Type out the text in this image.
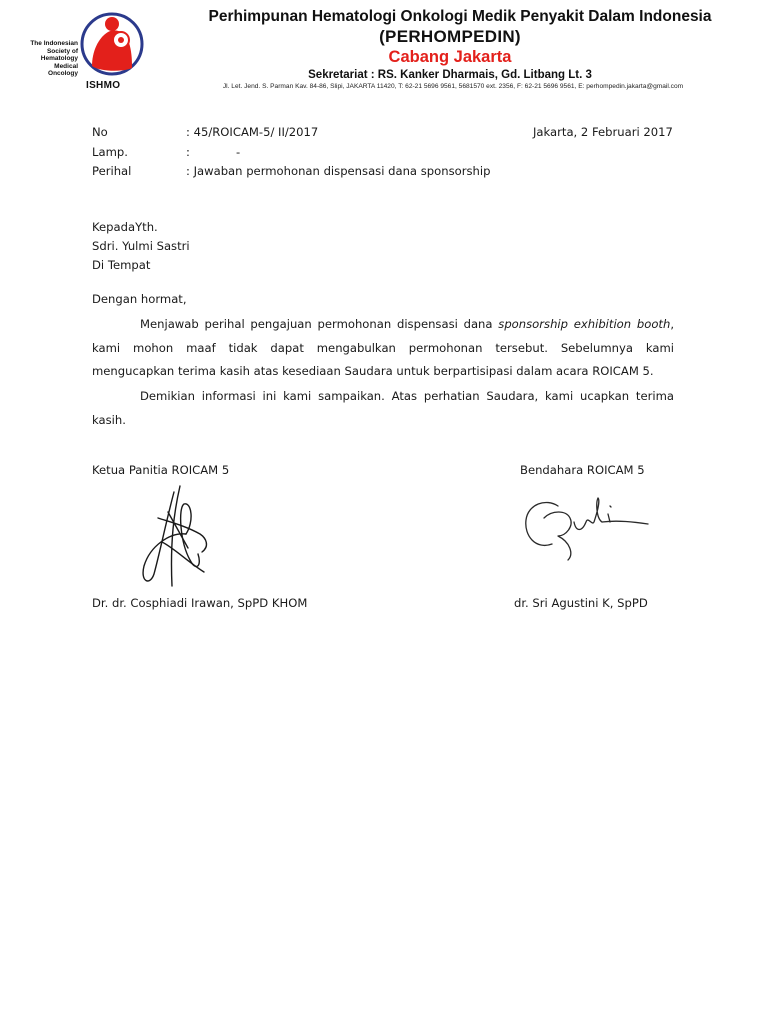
The Indonesian
Society of
Hematology
Medical
Oncology
ISHMO
Perhimpunan Hematologi Onkologi Medik Penyakit Dalam Indonesia
(PERHOMPEDIN)
Cabang Jakarta
Sekretariat : RS. Kanker Dharmais, Gd. Litbang Lt. 3
Jl. Let. Jend. S. Parman Kav. 84-86, Slipi, JAKARTA 11420, T: 62-21 5696 9561, 5681570 ext. 2356, F: 62-21 5696 9561, E: perhompedin.jakarta@gmail.com
No	: 45/ROICAM-5/ II/2017	Jakarta, 2 Februari 2017
Lamp.	:	-
Perihal	: Jawaban permohonan dispensasi dana sponsorship
KepadaYth.
Sdri. Yulmi Sastri
Di Tempat
Dengan hormat,
Menjawab perihal pengajuan permohonan dispensasi dana sponsorship exhibition booth, kami mohon maaf tidak dapat mengabulkan permohonan tersebut. Sebelumnya kami mengucapkan terima kasih atas kesediaan Saudara untuk berpartisipasi dalam acara ROICAM 5.
Demikian informasi ini kami sampaikan. Atas perhatian Saudara, kami ucapkan terima kasih.
Ketua Panitia ROICAM 5	Bendahara ROICAM 5
Dr. dr. Cosphiadi Irawan, SpPD KHOM	dr. Sri Agustini K, SpPD
